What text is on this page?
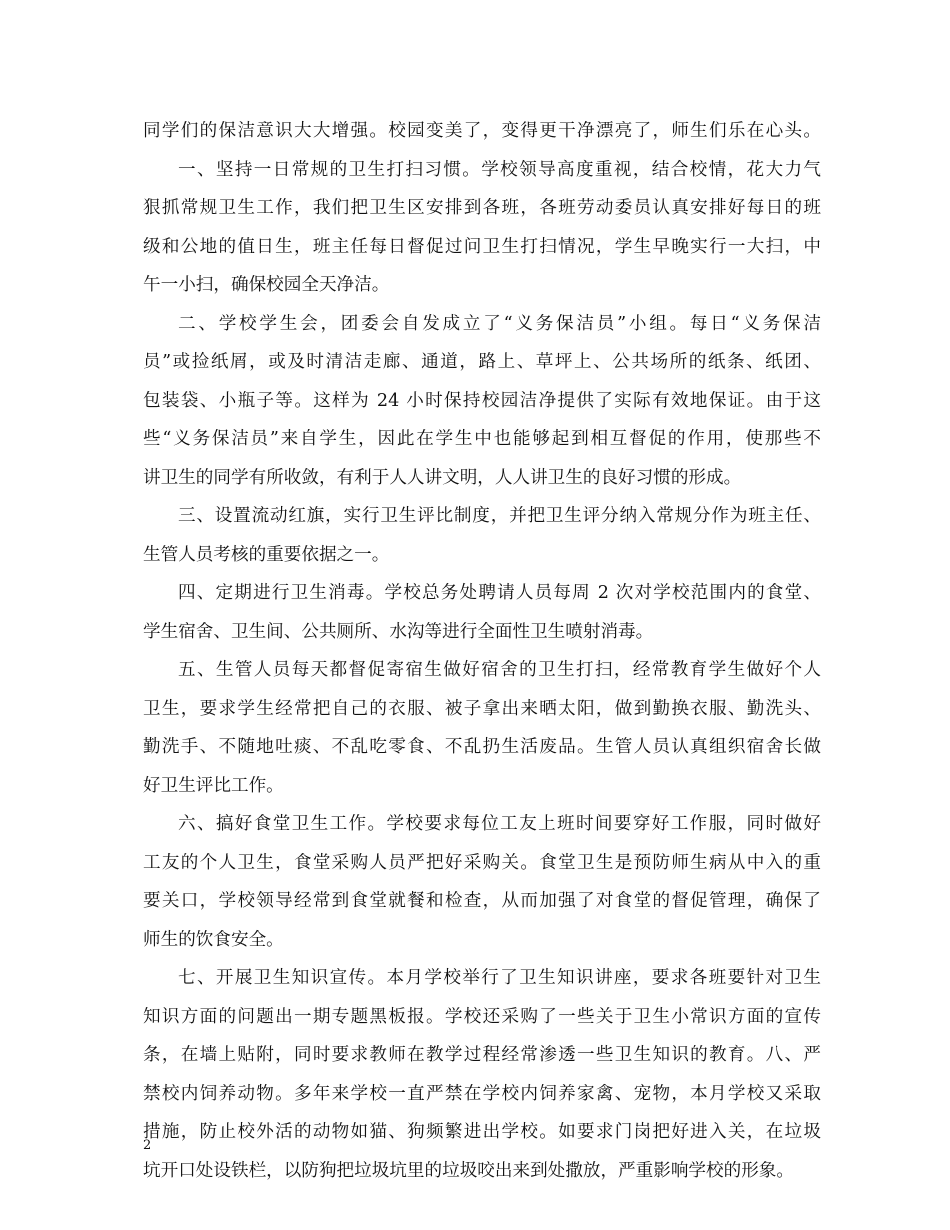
同学们的保洁意识大大增强。校园变美了，变得更干净漂亮了，师生们乐在心头。
一、坚持一日常规的卫生打扫习惯。学校领导高度重视，结合校情，花大力气
狠抓常规卫生工作，我们把卫生区安排到各班，各班劳动委员认真安排好每日的班
级和公地的值日生，班主任每日督促过问卫生打扫情况，学生早晚实行一大扫，中
午一小扫，确保校园全天净洁。
二、学校学生会，团委会自发成立了“义务保洁员”小组。每日“义务保洁
员”或捡纸屑，或及时清洁走廊、通道，路上、草坪上、公共场所的纸条、纸团、
包装袋、小瓶子等。这样为 24 小时保持校园洁净提供了实际有效地保证。由于这
些“义务保洁员”来自学生，因此在学生中也能够起到相互督促的作用，使那些不
讲卫生的同学有所收敛，有利于人人讲文明，人人讲卫生的良好习惯的形成。
三、设置流动红旗，实行卫生评比制度，并把卫生评分纳入常规分作为班主任、
生管人员考核的重要依据之一。
四、定期进行卫生消毒。学校总务处聘请人员每周 2 次对学校范围内的食堂、
学生宿舍、卫生间、公共厕所、水沟等进行全面性卫生喷射消毒。
五、生管人员每天都督促寄宿生做好宿舍的卫生打扫，经常教育学生做好个人
卫生，要求学生经常把自己的衣服、被子拿出来晒太阳，做到勤换衣服、勤洗头、
勤洗手、不随地吐痰、不乱吃零食、不乱扔生活废品。生管人员认真组织宿舍长做
好卫生评比工作。
六、搞好食堂卫生工作。学校要求每位工友上班时间要穿好工作服，同时做好
工友的个人卫生，食堂采购人员严把好采购关。食堂卫生是预防师生病从中入的重
要关口，学校领导经常到食堂就餐和检查，从而加强了对食堂的督促管理，确保了
师生的饮食安全。
七、开展卫生知识宣传。本月学校举行了卫生知识讲座，要求各班要针对卫生
知识方面的问题出一期专题黑板报。学校还采购了一些关于卫生小常识方面的宣传
条，在墙上贴附，同时要求教师在教学过程经常渗透一些卫生知识的教育。八、严
禁校内饲养动物。多年来学校一直严禁在学校内饲养家禽、宠物，本月学校又采取
措施，防止校外活的动物如猫、狗频繁进出学校。如要求门岗把好进入关，在垃圾
坑开口处设铁栏，以防狗把垃圾坑里的垃圾咬出来到处撒放，严重影响学校的形象。
2
